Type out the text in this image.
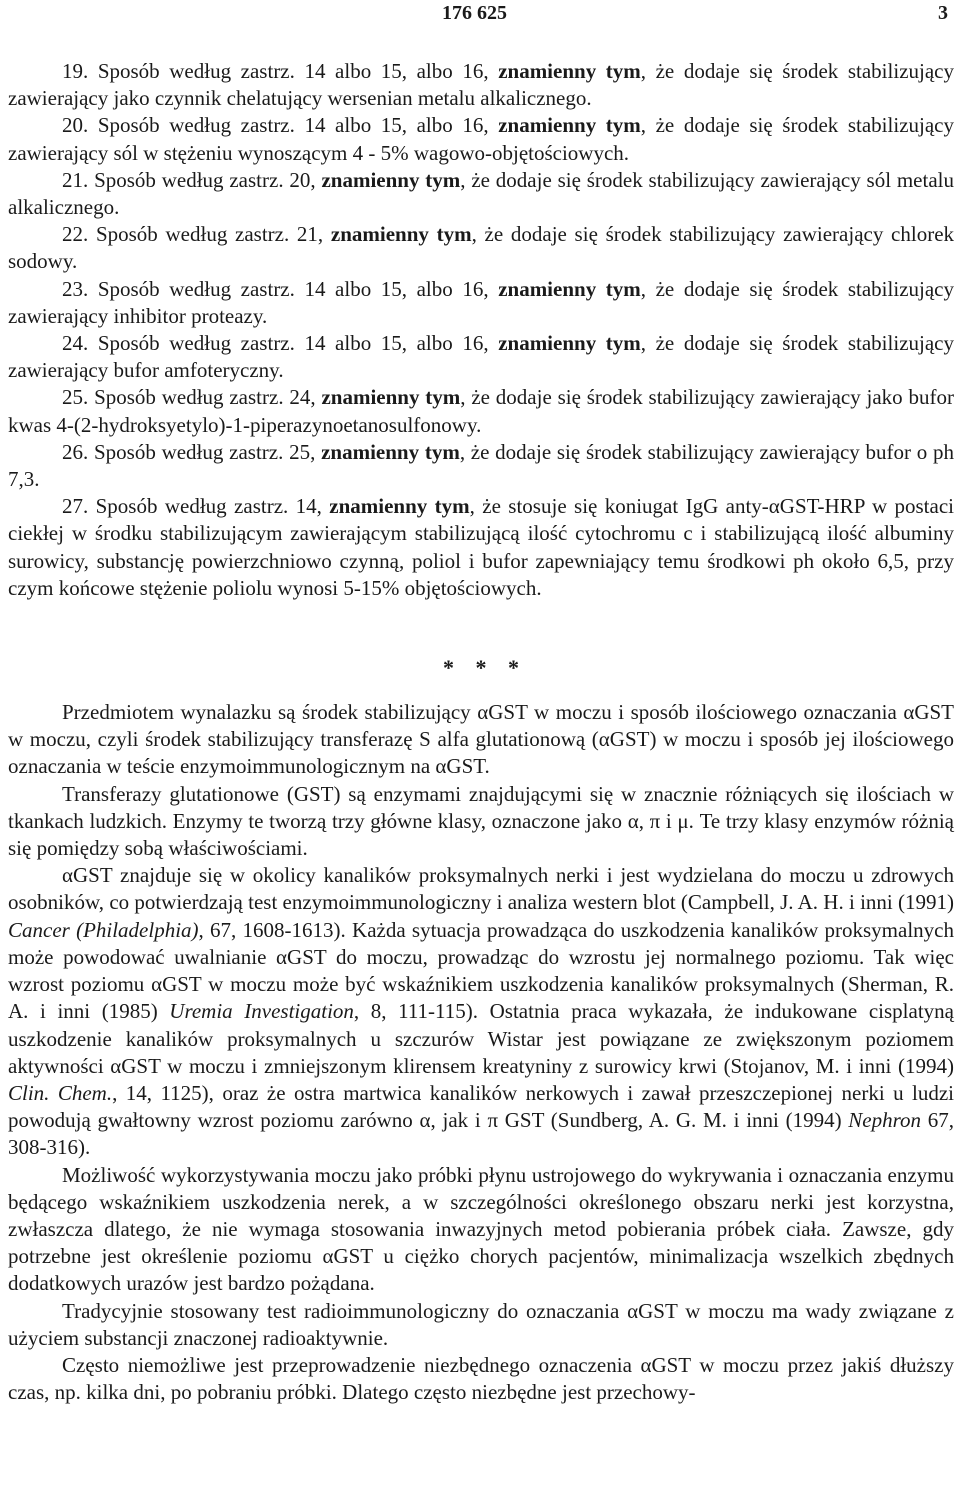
176 625	3

19. Sposób według zastrz. 14 albo 15, albo 16, znamienny tym, że dodaje się środek stabilizujący zawierający jako czynnik chelatujący wersenian metalu alkalicznego.

20. Sposób według zastrz. 14 albo 15, albo 16, znamienny tym, że dodaje się środek stabilizujący zawierający sól w stężeniu wynoszącym 4 - 5% wagowo-objętościowych.

21. Sposób według zastrz. 20, znamienny tym, że dodaje się środek stabilizujący zawierający sól metalu alkalicznego.

22. Sposób według zastrz. 21, znamienny tym, że dodaje się środek stabilizujący zawierający chlorek sodowy.

23. Sposób według zastrz. 14 albo 15, albo 16, znamienny tym, że dodaje się środek stabilizujący zawierający inhibitor proteazy.

24. Sposób według zastrz. 14 albo 15, albo 16, znamienny tym, że dodaje się środek stabilizujący zawierający bufor amfoteryczny.

25. Sposób według zastrz. 24, znamienny tym, że dodaje się środek stabilizujący zawierający jako bufor kwas 4-(2-hydroksyetylo)-1-piperazynoetanosulfonowy.

26. Sposób według zastrz. 25, znamienny tym, że dodaje się środek stabilizujący zawierający bufor o ph 7,3.

27. Sposób według zastrz. 14, znamienny tym, że stosuje się koniugat IgG anty-αGST-HRP w postaci ciekłej w środku stabilizującym zawierającym stabilizującą ilość cytochromu c i stabilizującą ilość albuminy surowicy, substancję powierzchniowo czynną, poliol i bufor zapewniający temu środkowi ph około 6,5, przy czym końcowe stężenie poliolu wynosi 5-15% objętościowych.

* * *

Przedmiotem wynalazku są środek stabilizujący αGST w moczu i sposób ilościowego oznaczania αGST w moczu, czyli środek stabilizujący transferazę S alfa glutationową (αGST) w moczu i sposób jej ilościowego oznaczania w teście enzymoimmunologicznym na αGST.

Transferazy glutationowe (GST) są enzymami znajdującymi się w znacznie różniących się ilościach w tkankach ludzkich. Enzymy te tworzą trzy główne klasy, oznaczone jako α, π i μ. Te trzy klasy enzymów różnią się pomiędzy sobą właściwościami.

αGST znajduje się w okolicy kanalików proksymalnych nerki i jest wydzielana do moczu u zdrowych osobników, co potwierdzają test enzymoimmunologiczny i analiza western blot (Campbell, J. A. H. i inni (1991) Cancer (Philadelphia), 67, 1608-1613). Każda sytuacja prowadząca do uszkodzenia kanalików proksymalnych może powodować uwalnianie αGST do moczu, prowadząc do wzrostu jej normalnego poziomu. Tak więc wzrost poziomu αGST w moczu może być wskaźnikiem uszkodzenia kanalików proksymalnych (Sherman, R. A. i inni (1985) Uremia Investigation, 8, 111-115). Ostatnia praca wykazała, że indukowane cisplatyną uszkodzenie kanalików proksymalnych u szczurów Wistar jest powiązane ze zwiększonym poziomem aktywności αGST w moczu i zmniejszonym klirensem kreatyniny z surowicy krwi (Stojanov, M. i inni (1994) Clin. Chem., 14, 1125), oraz że ostra martwica kanalików nerkowych i zawał przeszczepionej nerki u ludzi powodują gwałtowny wzrost poziomu zarówno α, jak i π GST (Sundberg, A. G. M. i inni (1994) Nephron 67, 308-316).

Możliwość wykorzystywania moczu jako próbki płynu ustrojowego do wykrywania i oznaczania enzymu będącego wskaźnikiem uszkodzenia nerek, a w szczególności określonego obszaru nerki jest korzystna, zwłaszcza dlatego, że nie wymaga stosowania inwazyjnych metod pobierania próbek ciała. Zawsze, gdy potrzebne jest określenie poziomu αGST u ciężko chorych pacjentów, minimalizacja wszelkich zbędnych dodatkowych urazów jest bardzo pożądana.

Tradycyjnie stosowany test radioimmunologiczny do oznaczania αGST w moczu ma wady związane z użyciem substancji znaczonej radioaktywnie.

Często niemożliwe jest przeprowadzenie niezbędnego oznaczenia αGST w moczu przez jakiś dłuższy czas, np. kilka dni, po pobraniu próbki. Dlatego często niezbędne jest przechowy-
